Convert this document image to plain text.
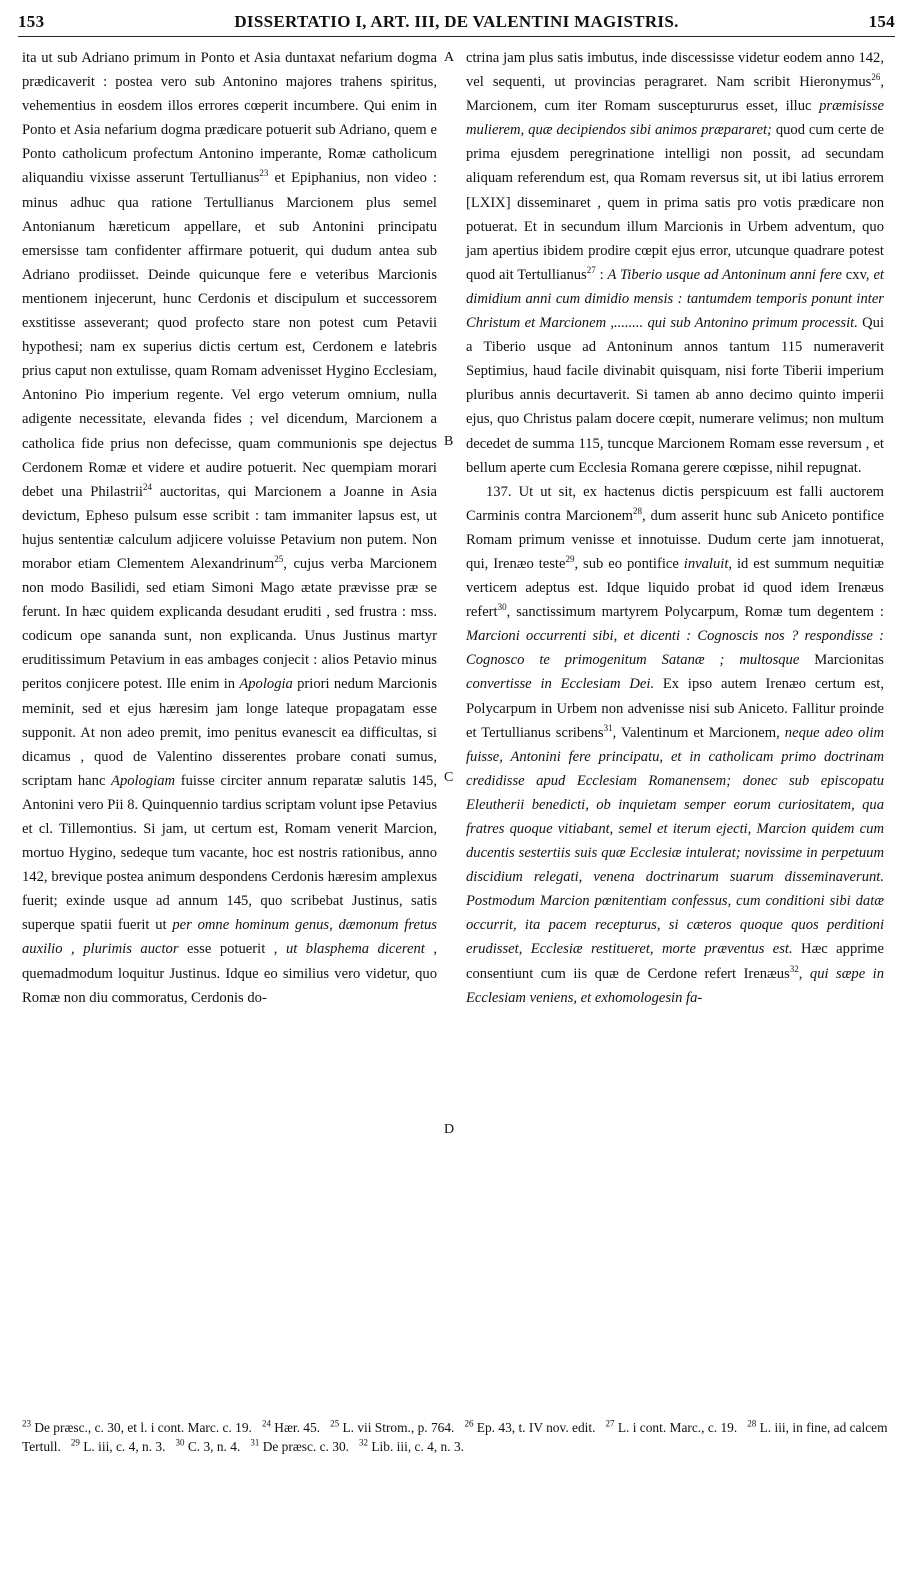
153	DISSERTATIO I, ART. III, DE VALENTINI MAGISTRIS.	154
A
B
C
D

ita ut sub Adriano primum in Ponto et Asia duntaxat nefarium dogma prædicaverit : postea vero sub Antonino majores trahens spiritus, vehementius in eosdem illos errores cœperit incumbere. Qui enim in Ponto et Asia nefarium dogma prædicare potuerit sub Adriano, quem e Ponto catholicum profectum Antonino imperante, Romæ catholicum aliquandiu vixisse asserunt Tertullianus$^{23}$ et Epiphanius, non video : minus adhuc qua ratione Tertullianus Marcionem plus semel Antonianum hæreticum appellare, et sub Antonini principatu emersisse tam confidenter affirmare potuerit, qui dudum antea sub Adriano prodiisset. Deinde quicunque fere e veteribus Marcionis mentionem injecerunt, hunc Cerdonis et discipulum et successorem exstitisse asseverant; quod profecto stare non potest cum Petavii hypothesi; nam ex superius dictis certum est, Cerdonem e latebris prius caput non extulisse, quam Romam advenisset Hygino Ecclesiam, Antonino Pio imperium regente. Vel ergo veterum omnium, nulla adigente necessitate, elevanda fides ; vel dicendum, Marcionem a catholica fide prius non defecisse, quam communionis spe dejectus Cerdonem Romæ et videre et audire potuerit. Nec quempiam morari debet una Philastrii$^{24}$ auctoritas, qui Marcionem a Joanne in Asia devictum, Epheso pulsum esse scribit : tam immaniter lapsus est, ut hujus sententiæ calculum adjicere voluisse Petavium non putem. Non morabor etiam Clementem Alexandrinum$^{25}$, cujus verba Marcionem non modo Basilidi, sed etiam Simoni Mago ætate prævisse præ se ferunt. In hæc quidem explicanda desudant eruditi , sed frustra : mss. codicum ope sananda sunt, non explicanda. Unus Justinus martyr eruditissimum Petavium in eas ambages conjecit : alios Petavio minus peritos conjicere potest. Ille enim in Apologia priori nedum Marcionis meminit, sed et ejus hæresim jam longe lateque propagatam esse supponit. At non adeo premit, imo penitus evanescit ea difficultas, si dicamus , quod de Valentino disserentes probare conati sumus, scriptam hanc Apologiam fuisse circiter annum reparatæ salutis 145, Antonini vero Pii 8. Quinquennio tardius scriptam volunt ipse Petavius et cl. Tillemontius. Si jam, ut certum est, Romam venerit Marcion, mortuo Hygino, sedeque tum vacante, hoc est nostris rationibus, anno 142, brevique postea animum despondens Cerdonis hæresim amplexus fuerit; exinde usque ad annum 145, quo scribebat Justinus, satis superque spatii fuerit ut per omne hominum genus, dæmonum fretus auxilio , plurimis auctor esse potuerit , ut blasphema dicerent , quemadmodum loquitur Justinus. Idque eo similius vero videtur, quo Romæ non diu commoratus, Cerdonis do-

ctrina jam plus satis imbutus, inde discessisse videtur eodem anno 142, vel sequenti, ut provincias peragraret. Nam scribit Hieronymus$^{26}$, Marcionem, cum iter Romam susceptururus esset, illuc præmisisse mulierem, quæ decipiendos sibi animos præpararet; quod cum certe de prima ejusdem peregrinatione intelligi non possit, ad secundam aliquam referendum est, qua Romam reversus sit, ut ibi latius errorem [LXIX] disseminaret , quem in prima satis pro votis prædicare non potuerat. Et in secundum illum Marcionis in Urbem adventum, quo jam apertius ibidem prodire cœpit ejus error, utcunque quadrare potest quod ait Tertullianus$^{27}$ : A Tiberio usque ad Antoninum anni fere cxv, et dimidium anni cum dimidio mensis : tantumdem temporis ponunt inter Christum et Marcionem ,........ qui sub Antonino primum processit. Qui a Tiberio usque ad Antoninum annos tantum 115 numeraverit Septimius, haud facile divinabit quisquam, nisi forte Tiberii imperium pluribus annis decurtaverit. Si tamen ab anno decimo quinto imperii ejus, quo Christus palam docere cœpit, numerare velimus; non multum decedet de summa 115, tuncque Marcionem Romam esse reversum , et bellum aperte cum Ecclesia Romana gerere cœpisse, nihil repugnat.

137. Ut ut sit, ex hactenus dictis perspicuum est falli auctorem Carminis contra Marcionem$^{28}$, dum asserit hunc sub Aniceto pontifice Romam primum venisse et innotuisse. Dudum certe jam innotuerat, qui, Irenæo teste$^{29}$, sub eo pontifice invaluit, id est summum nequitiæ verticem adeptus est. Idque liquido probat id quod idem Irenæus refert$^{30}$, sanctissimum martyrem Polycarpum, Romæ tum degentem : Marcioni occurrenti sibi, et dicenti : Cognoscis nos ? respondisse : Cognosco te primogenitum Satanæ ; multosque Marcionitas convertisse in Ecclesiam Dei. Ex ipso autem Irenæo certum est, Polycarpum in Urbem non advenisse nisi sub Aniceto. Fallitur proinde et Tertullianus scribens$^{31}$, Valentinum et Marcionem, neque adeo olim fuisse, Antonini fere principatu, et in catholicam primo doctrinam credidisse apud Ecclesiam Romanensem; donec sub episcopatu Eleutherii benedicti, ob inquietam semper eorum curiositatem, qua fratres quoque vitiabant, semel et iterum ejecti, Marcion quidem cum ducentis sestertiis suis quæ Ecclesiæ intulerat; novissime in perpetuum discidium relegati, venena doctrinarum suarum disseminaverunt. Postmodum Marcion pœnitentiam confessus, cum conditioni sibi datæ occurrit, ita pacem recepturus, si cæteros quoque quos perditioni erudisset, Ecclesiæ restitueret, morte præventus est. Hæc apprime consentiunt cum iis quæ de Cerdone refert Irenæus$^{32}$, qui sæpe in Ecclesiam veniens, et exhomologesin fa-

$^{23}$ De præsc., c. 30, et l. i cont. Marc. c. 19. $^{24}$ Hær. 45. $^{25}$ L. vii Strom., p. 764. $^{26}$ Ep. 43, t. IV nov. edit. $^{27}$ L. i cont. Marc., c. 19. $^{28}$ L. iii, in fine, ad calcem Tertull. $^{29}$ L. iii, c. 4, n. 3. $^{30}$ C. 3, n. 4. $^{31}$ De præsc. c. 30. $^{32}$ Lib. iii, c. 4, n. 3.
